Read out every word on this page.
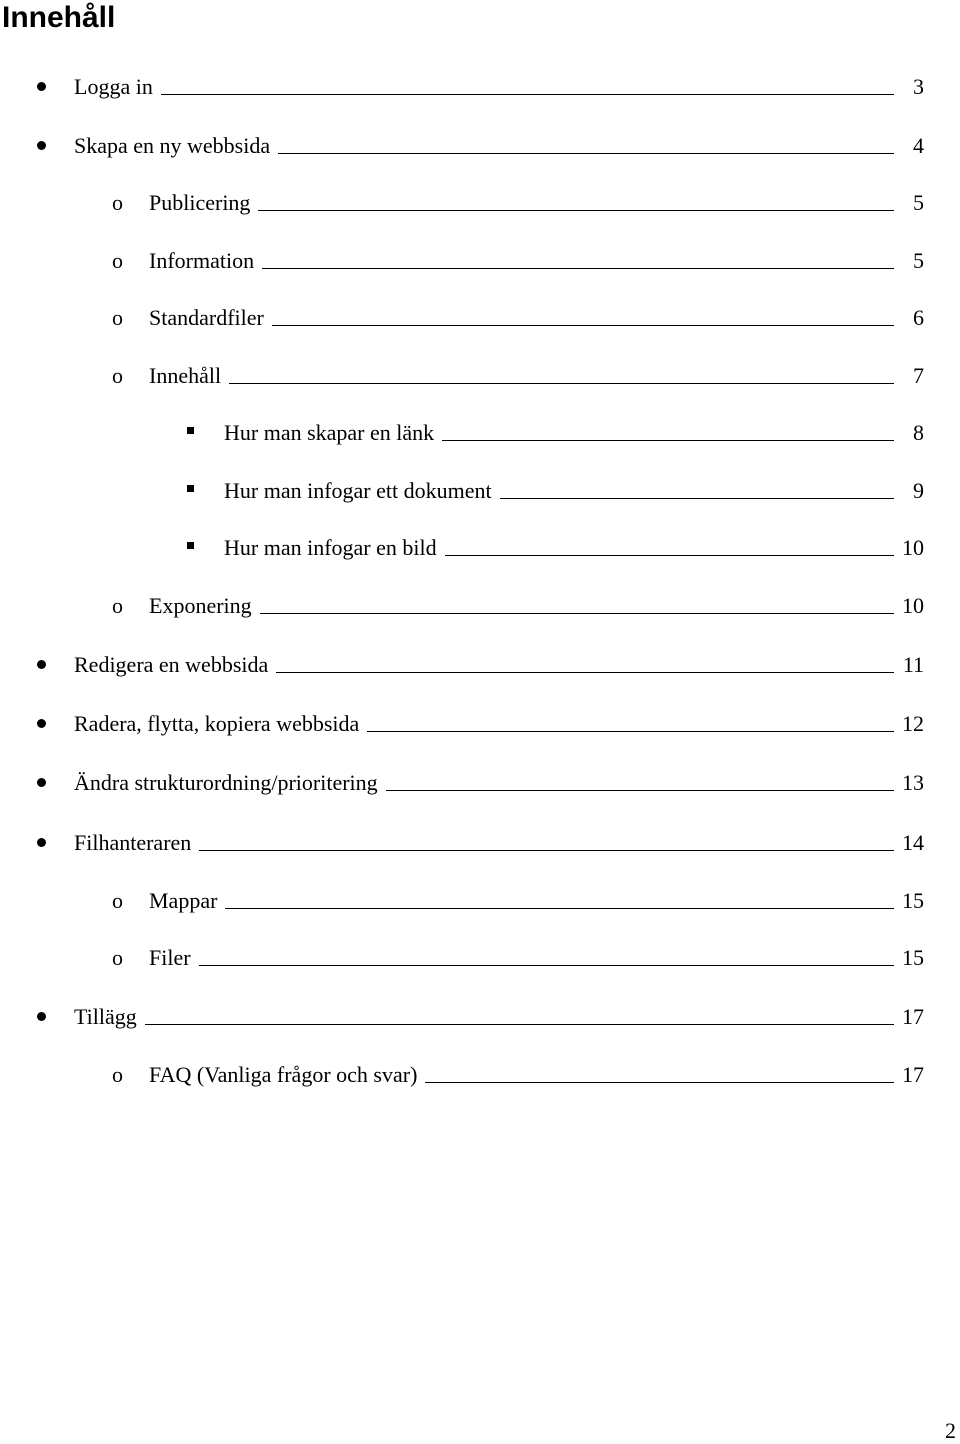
Innehåll
Logga in	3
Skapa en ny webbsida	4
o Publicering	5
o Information	5
o Standardfiler	6
o Innehåll	7
Hur man skapar en länk	8
Hur man infogar ett dokument	9
Hur man infogar en bild	10
o Exponering	10
Redigera en webbsida	11
Radera, flytta, kopiera webbsida	12
Ändra strukturordning/prioritering	13
Filhanteraren	14
o Mappar	15
o Filer	15
Tillägg	17
o FAQ (Vanliga frågor och svar)	17
2
